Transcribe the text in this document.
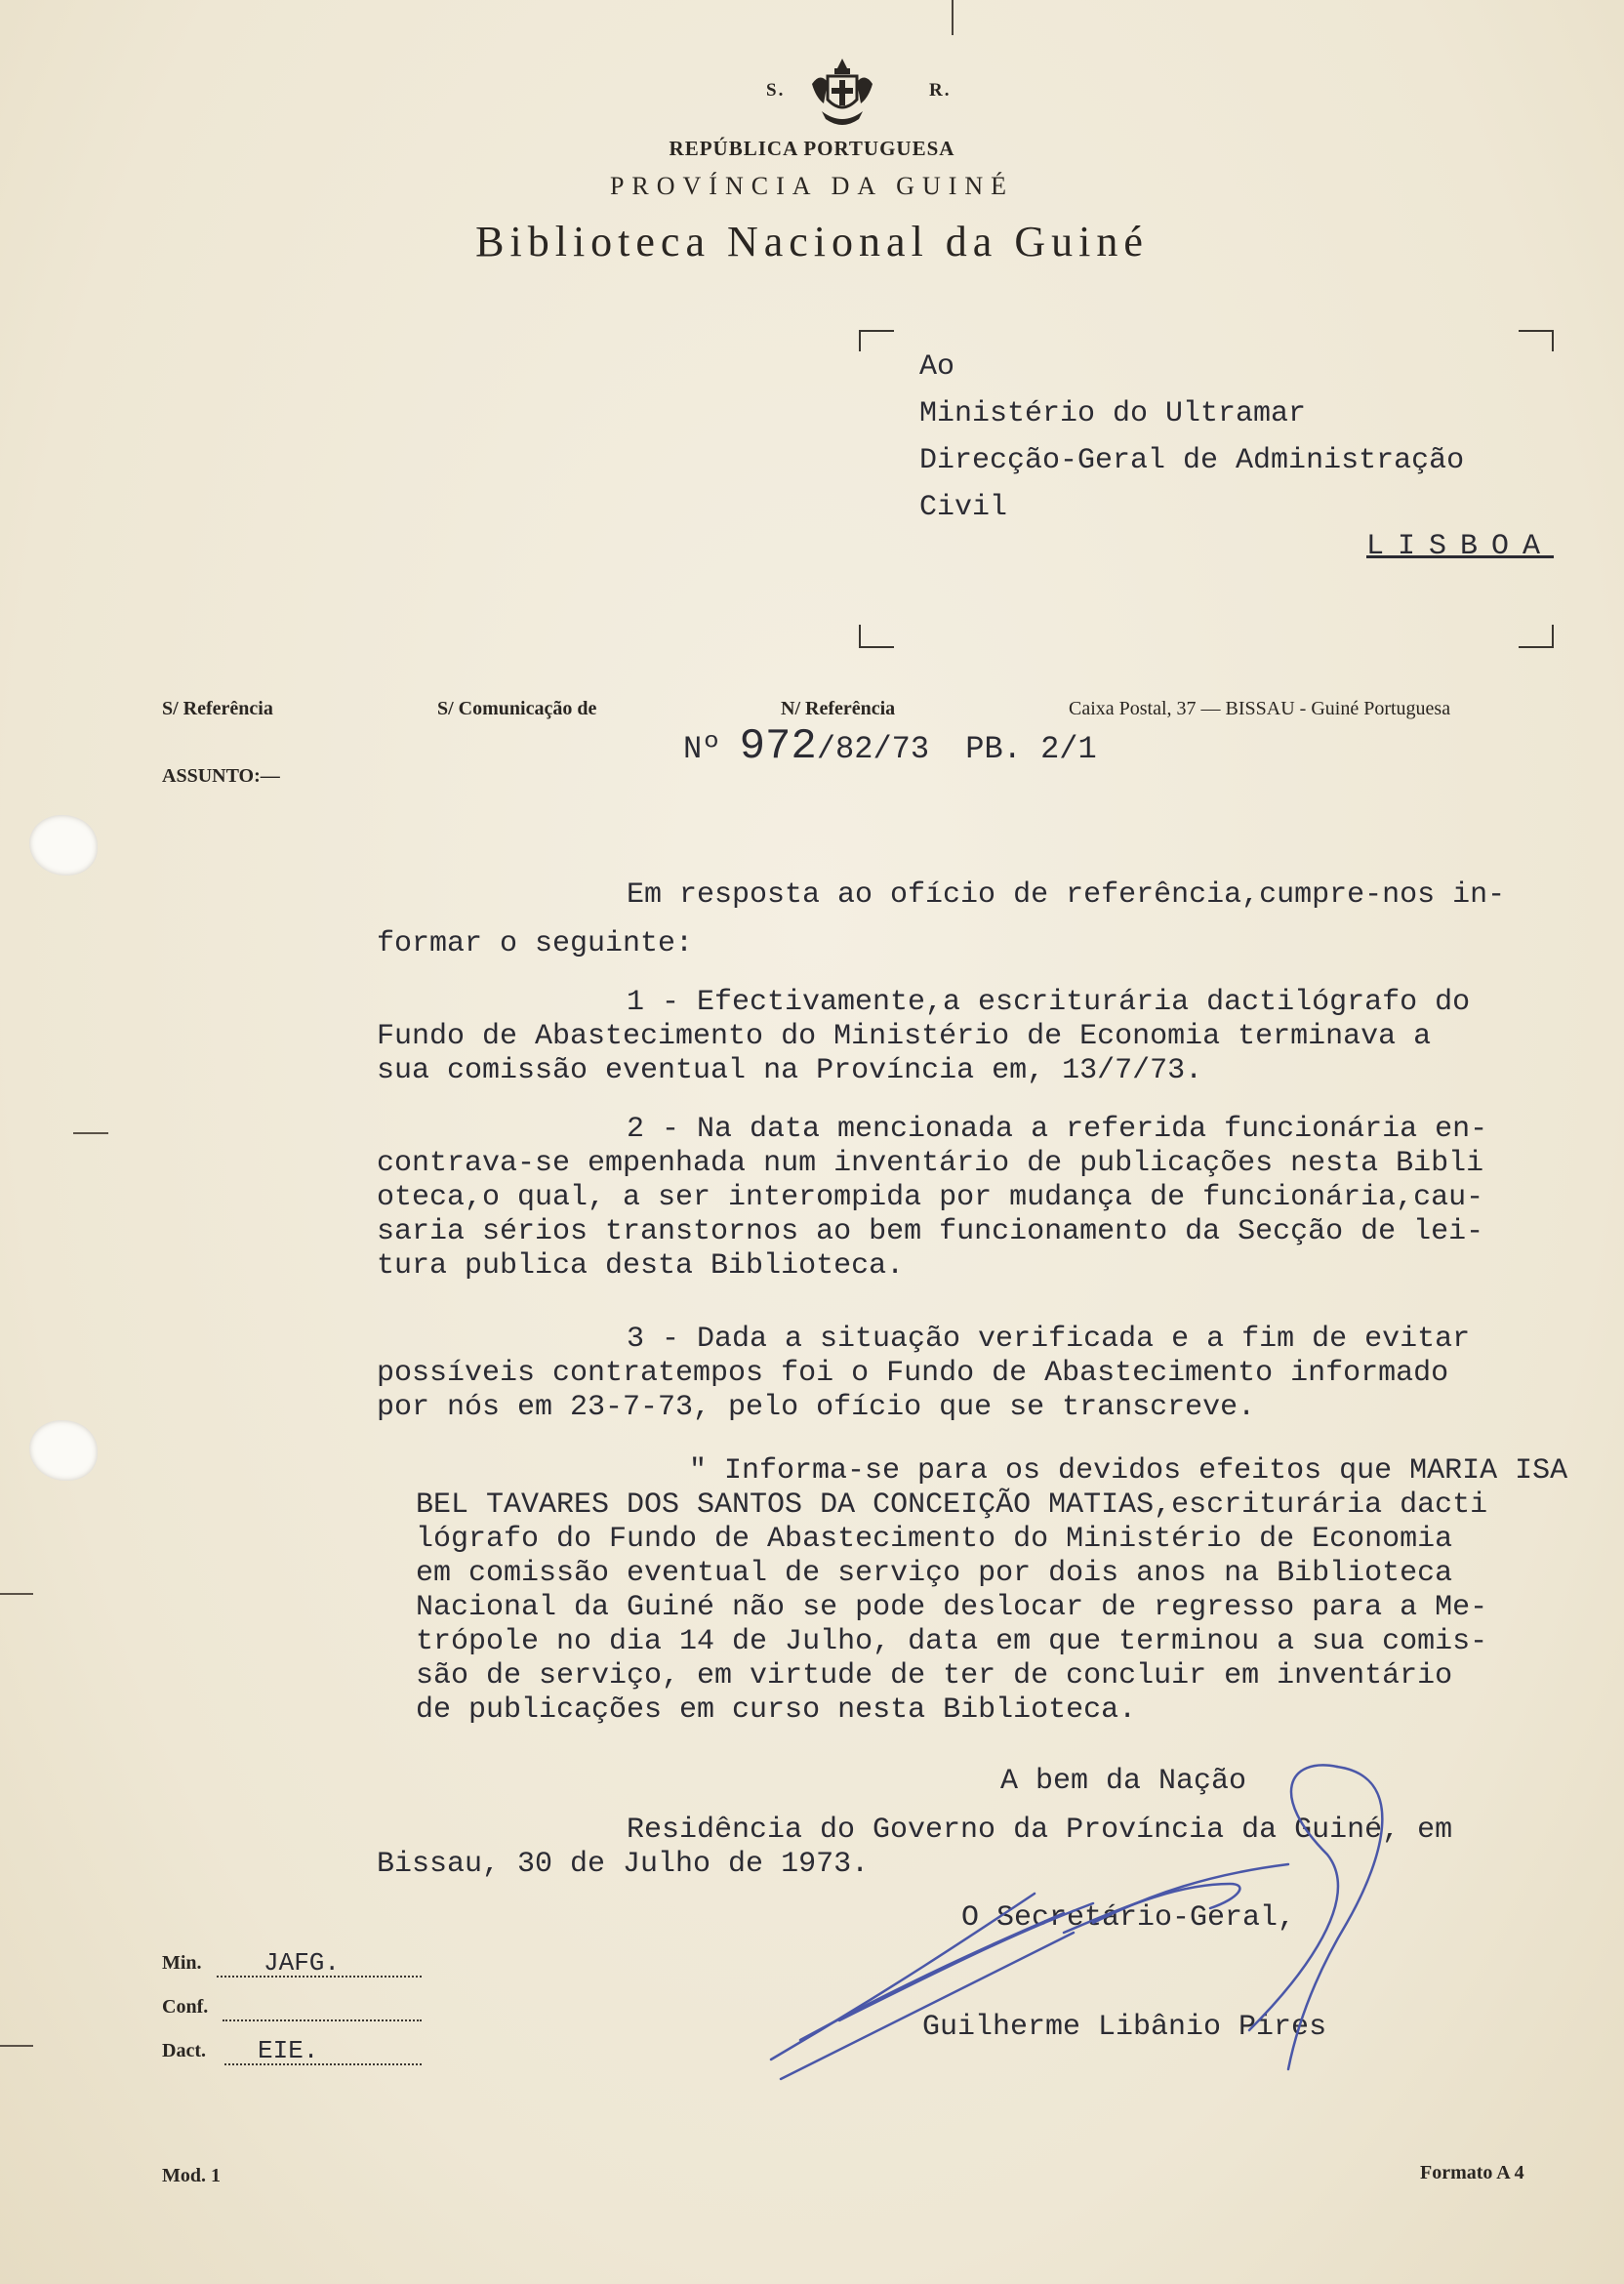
S.	R.
REPÚBLICA PORTUGUESA
PROVÍNCIA DA GUINÉ
Biblioteca Nacional da Guiné
Ao
Ministério do Ultramar
Direcção-Geral de Administração
Civil
LISBOA
S/ Referência	S/ Comunicação de	N/ Referência	Caixa Postal, 37 — BISSAU - Guiné Portuguesa
Nº 972/82/73 PB. 2/1
ASSUNTO:—
Em resposta ao ofício de referência,cumpre-nos in-
formar o seguinte:
1 - Efectivamente,a escriturária dactilógrafo do
Fundo de Abastecimento do Ministério de Economia terminava a
sua comissão eventual na Província em, 13/7/73.
2 - Na data mencionada a referida funcionária en-
contrava-se empenhada num inventário de publicações nesta Bibli
oteca,o qual, a ser interompida por mudança de funcionária,cau-
saria sérios transtornos ao bem funcionamento da Secção de lei-
tura publica desta Biblioteca.
3 - Dada a situação verificada e a fim de evitar
possíveis contratempos foi o Fundo de Abastecimento informado
por nós em 23-7-73, pelo ofício que se transcreve.
" Informa-se para os devidos efeitos que MARIA ISA
BEL TAVARES DOS SANTOS DA CONCEIÇÃO MATIAS,escriturária dacti
lógrafo do Fundo de Abastecimento do Ministério de Economia
em comissão eventual de serviço por dois anos na Biblioteca
Nacional da Guiné não se pode deslocar de regresso para a Me-
trópole no dia 14 de Julho, data em que terminou a sua comis-
são de serviço, em virtude de ter de concluir em inventário
de publicações em curso nesta Biblioteca.
A bem da Nação
Residência do Governo da Província da Guiné, em
Bissau, 30 de Julho de 1973.
O Secretário-Geral,
Guilherme Libânio Pires
Min. JAFG.
Conf.
Dact. EIE.
Mod. 1	Formato A 4
